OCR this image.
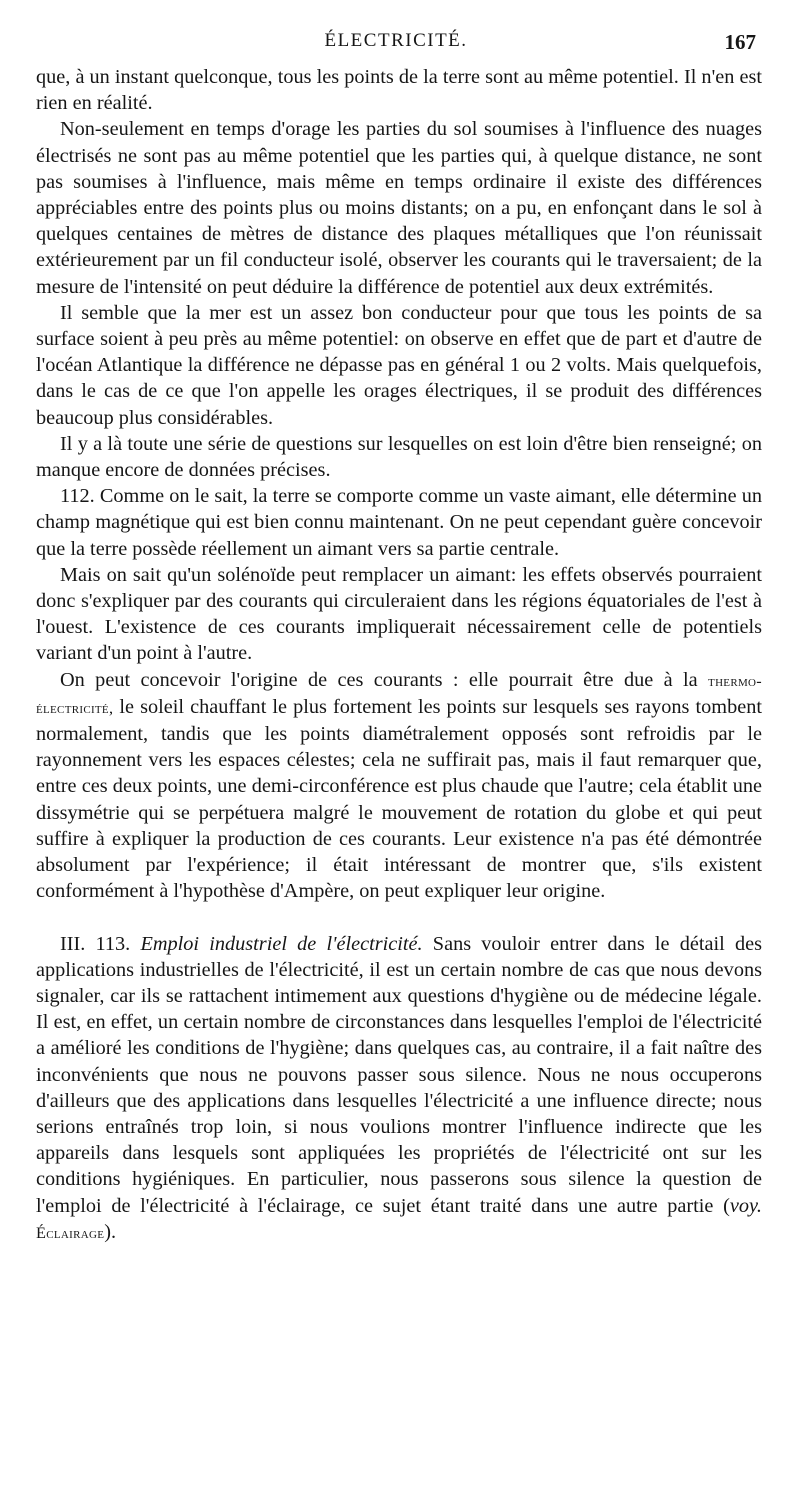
ÉLECTRICITÉ.	167

que, à un instant quelconque, tous les points de la terre sont au même potentiel. Il n'en est rien en réalité.

Non-seulement en temps d'orage les parties du sol soumises à l'influence des nuages électrisés ne sont pas au même potentiel que les parties qui, à quelque distance, ne sont pas soumises à l'influence, mais même en temps ordinaire il existe des différences appréciables entre des points plus ou moins distants; on a pu, en enfonçant dans le sol à quelques centaines de mètres de distance des plaques métalliques que l'on réunissait extérieurement par un fil conducteur isolé, observer les courants qui le traversaient; de la mesure de l'intensité on peut déduire la différence de potentiel aux deux extrémités.

Il semble que la mer est un assez bon conducteur pour que tous les points de sa surface soient à peu près au même potentiel: on observe en effet que de part et d'autre de l'océan Atlantique la différence ne dépasse pas en général 1 ou 2 volts. Mais quelquefois, dans le cas de ce que l'on appelle les orages électriques, il se produit des différences beaucoup plus considérables.

Il y a là toute une série de questions sur lesquelles on est loin d'être bien renseigné; on manque encore de données précises.

112. Comme on le sait, la terre se comporte comme un vaste aimant, elle détermine un champ magnétique qui est bien connu maintenant. On ne peut cependant guère concevoir que la terre possède réellement un aimant vers sa partie centrale.

Mais on sait qu'un solénoïde peut remplacer un aimant: les effets observés pourraient donc s'expliquer par des courants qui circuleraient dans les régions équatoriales de l'est à l'ouest. L'existence de ces courants impliquerait nécessairement celle de potentiels variant d'un point à l'autre.

On peut concevoir l'origine de ces courants : elle pourrait être due à la thermo-électricité, le soleil chauffant le plus fortement les points sur lesquels ses rayons tombent normalement, tandis que les points diamétralement opposés sont refroidis par le rayonnement vers les espaces célestes; cela ne suffirait pas, mais il faut remarquer que, entre ces deux points, une demi-circonférence est plus chaude que l'autre; cela établit une dissymétrie qui se perpétuera malgré le mouvement de rotation du globe et qui peut suffire à expliquer la production de ces courants. Leur existence n'a pas été démontrée absolument par l'expérience; il était intéressant de montrer que, s'ils existent conformément à l'hypothèse d'Ampère, on peut expliquer leur origine.

III. 113. Emploi industriel de l'électricité. Sans vouloir entrer dans le détail des applications industrielles de l'électricité, il est un certain nombre de cas que nous devons signaler, car ils se rattachent intimement aux questions d'hygiène ou de médecine légale. Il est, en effet, un certain nombre de circonstances dans lesquelles l'emploi de l'électricité a amélioré les conditions de l'hygiène; dans quelques cas, au contraire, il a fait naître des inconvénients que nous ne pouvons passer sous silence. Nous ne nous occuperons d'ailleurs que des applications dans lesquelles l'électricité a une influence directe; nous serions entraînés trop loin, si nous voulions montrer l'influence indirecte que les appareils dans lesquels sont appliquées les propriétés de l'électricité ont sur les conditions hygiéniques. En particulier, nous passerons sous silence la question de l'emploi de l'électricité à l'éclairage, ce sujet étant traité dans une autre partie (voy. Éclairage).
